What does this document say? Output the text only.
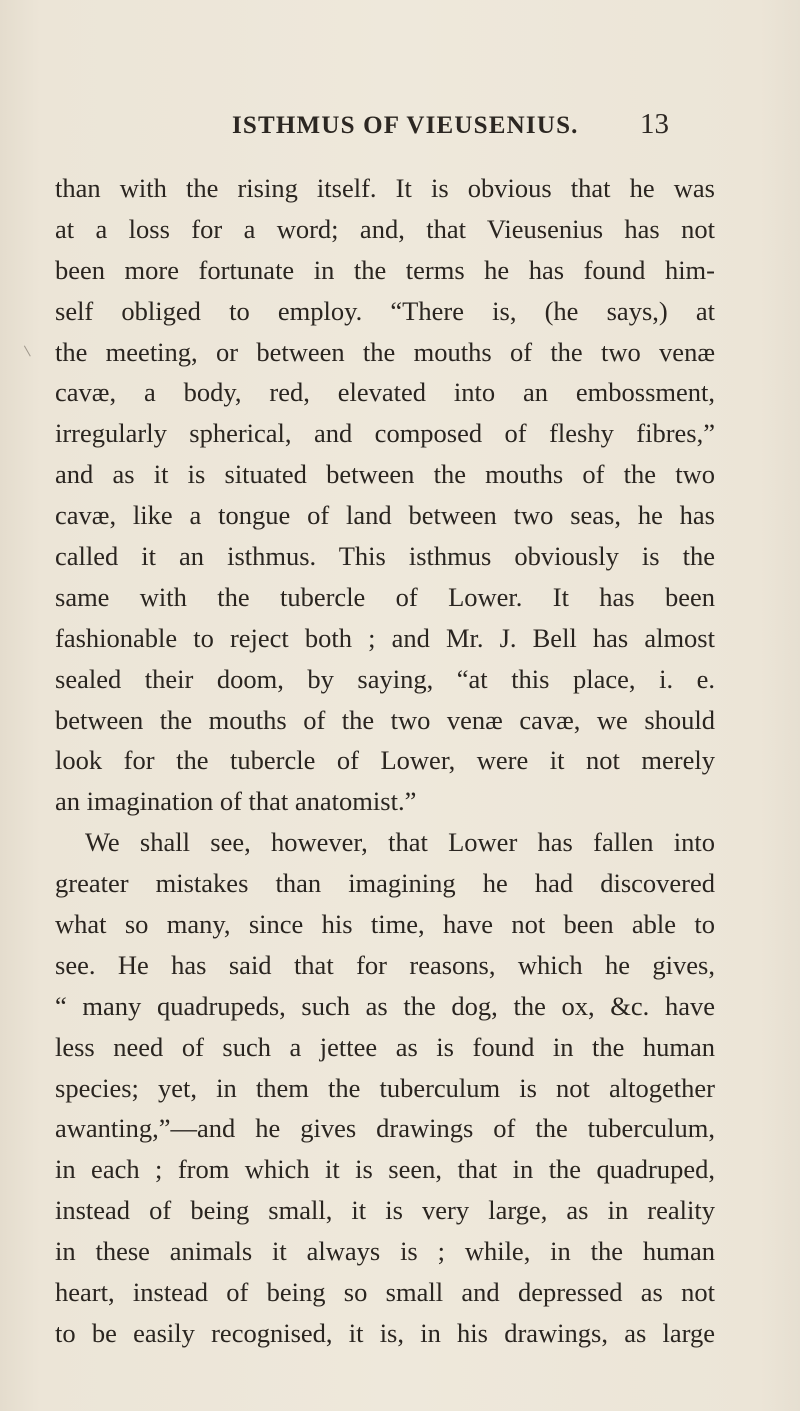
ISTHMUS OF VIEUSENIUS. 13
than with the rising itself. It is obvious that he was
at a loss for a word; and, that Vieusenius has not
been more fortunate in the terms he has found him-
self obliged to employ. “There is, (he says,) at
the meeting, or between the mouths of the two venæ
cavæ, a body, red, elevated into an embossment,
irregularly spherical, and composed of fleshy fibres,”
and as it is situated between the mouths of the two
cavæ, like a tongue of land between two seas, he has
called it an isthmus. This isthmus obviously is the
same with the tubercle of Lower. It has been
fashionable to reject both ; and Mr. J. Bell has almost
sealed their doom, by saying, “at this place, i. e.
between the mouths of the two venæ cavæ, we should
look for the tubercle of Lower, were it not merely
an imagination of that anatomist.”
We shall see, however, that Lower has fallen into
greater mistakes than imagining he had discovered
what so many, since his time, have not been able to
see. He has said that for reasons, which he gives,
“ many quadrupeds, such as the dog, the ox, &c. have
less need of such a jettee as is found in the human
species; yet, in them the tuberculum is not altogether
awanting,”—and he gives drawings of the tuberculum,
in each ; from which it is seen, that in the quadruped,
instead of being small, it is very large, as in reality
in these animals it always is ; while, in the human
heart, instead of being so small and depressed as not
to be easily recognised, it is, in his drawings, as large
